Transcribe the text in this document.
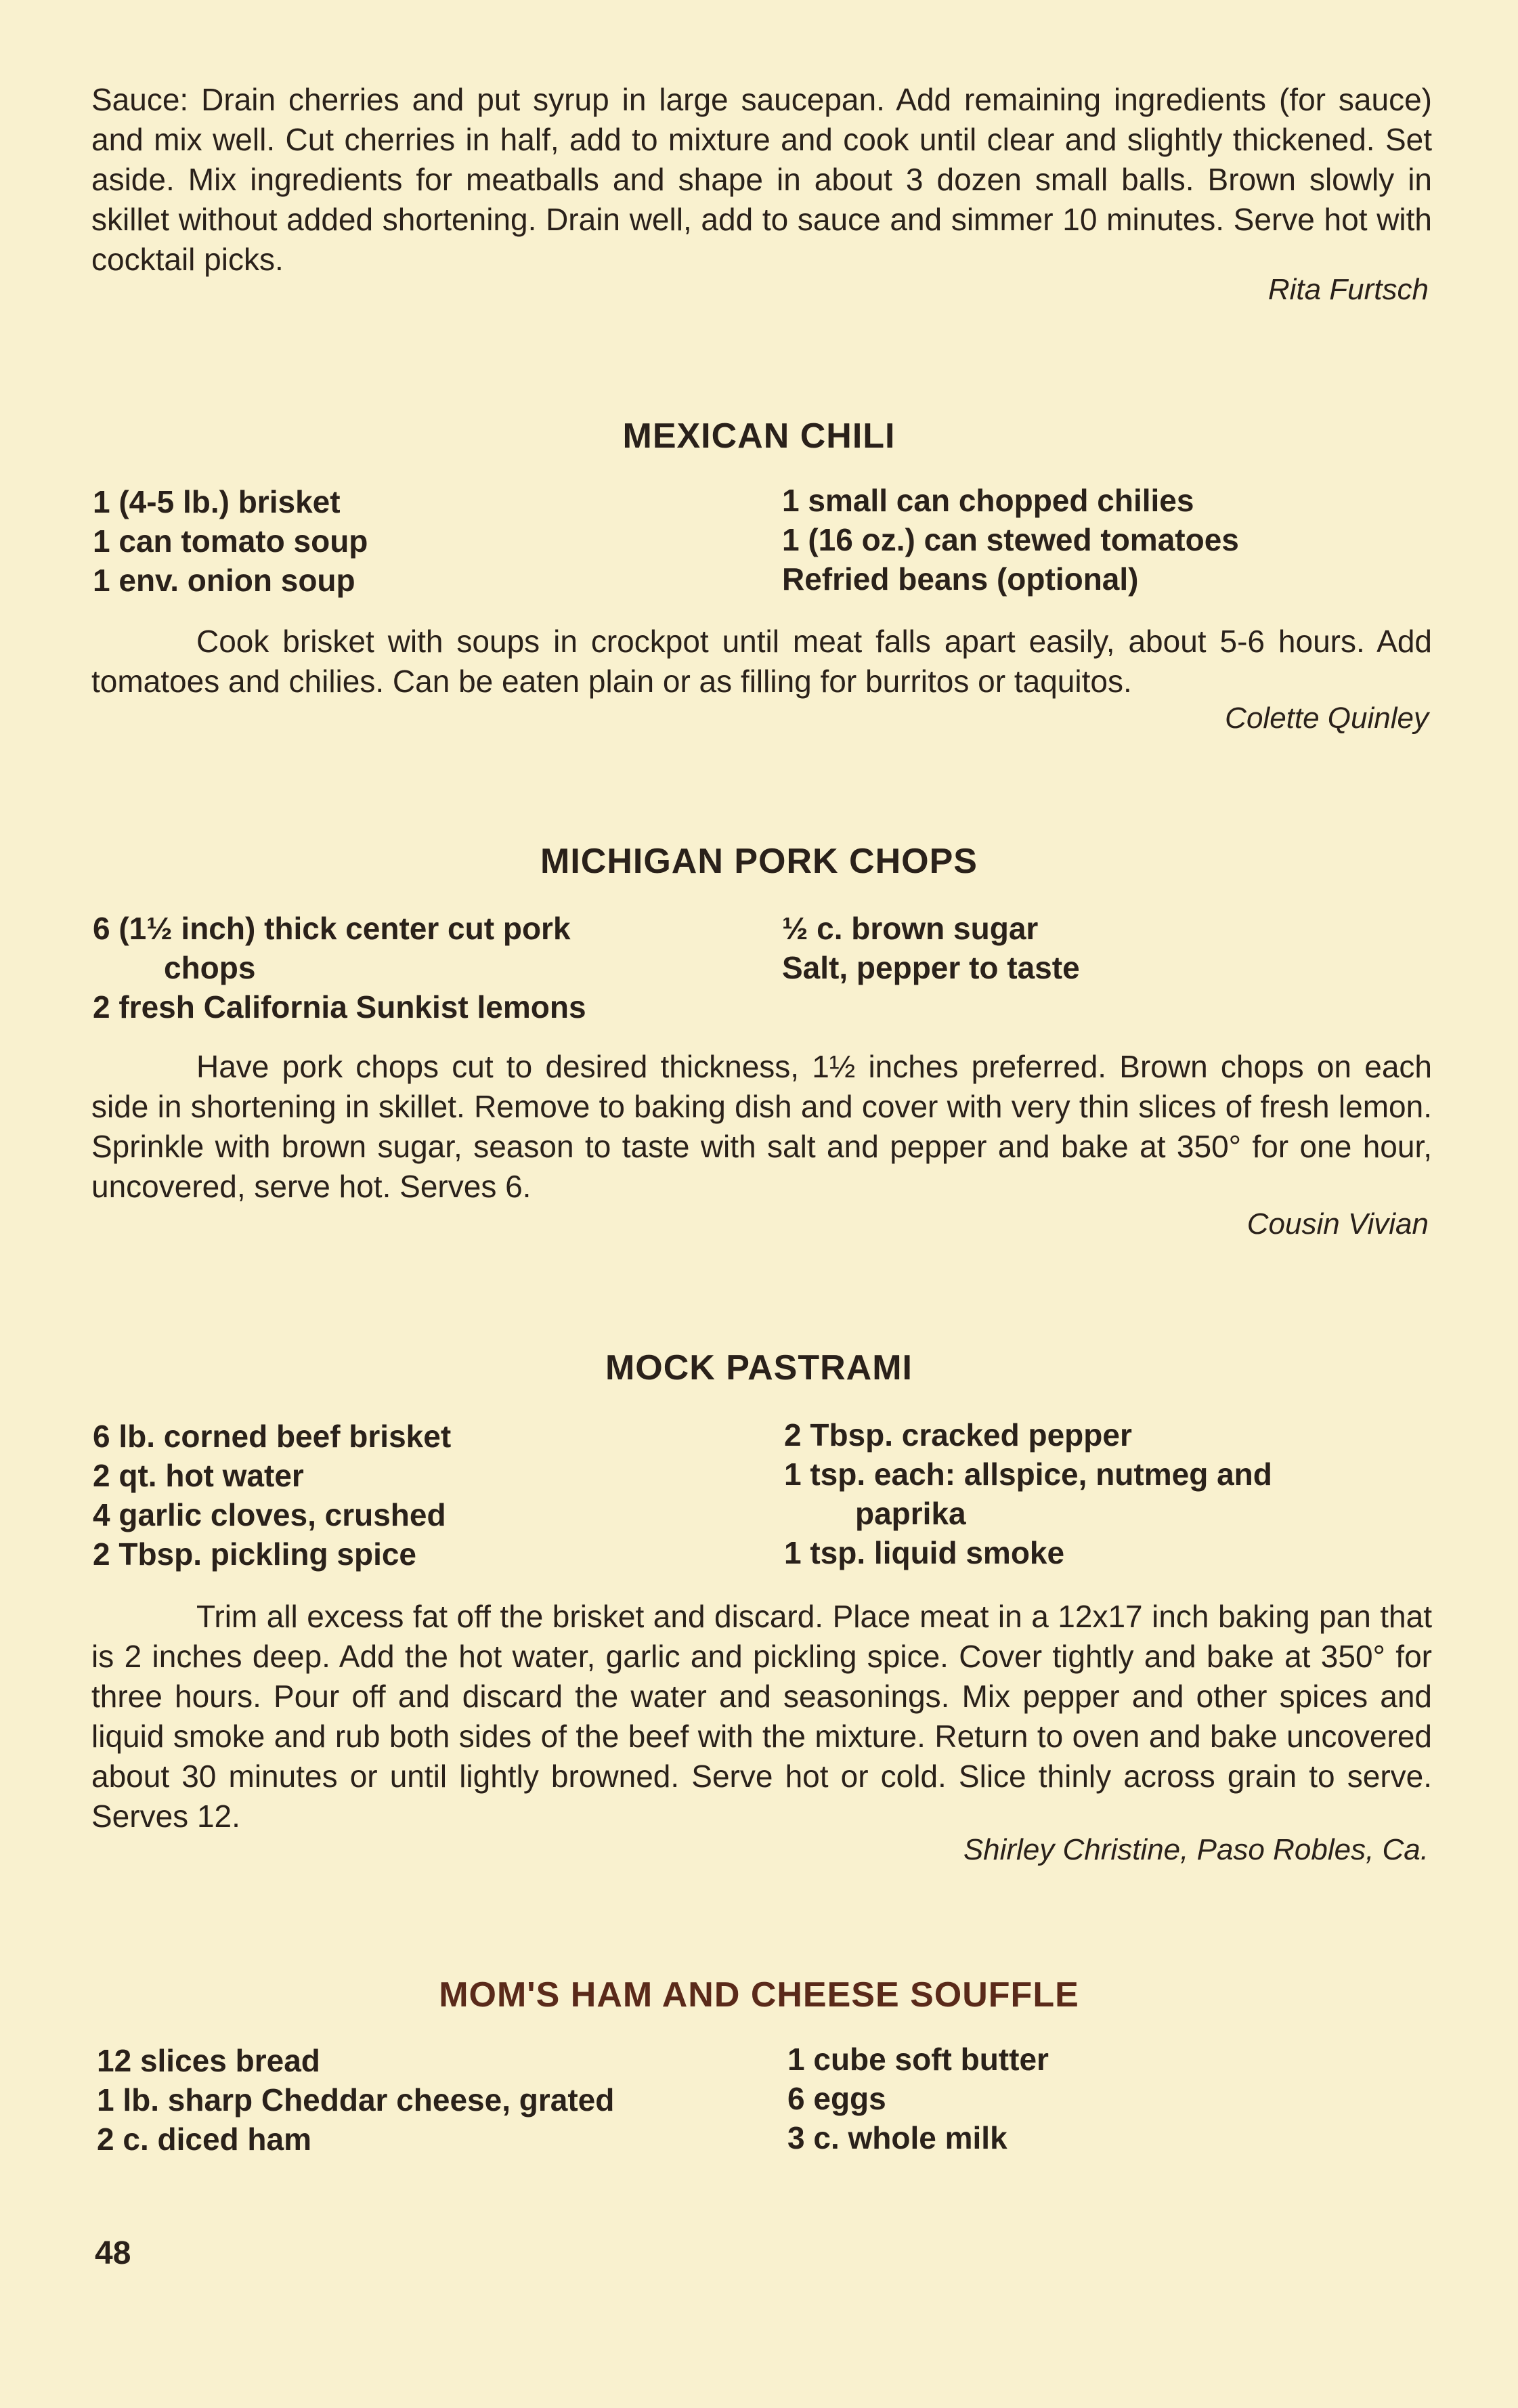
Sauce: Drain cherries and put syrup in large saucepan. Add remaining ingredients (for sauce) and mix well. Cut cherries in half, add to mixture and cook until clear and slightly thickened. Set aside. Mix ingredients for meatballs and shape in about 3 dozen small balls. Brown slowly in skillet without added shortening. Drain well, add to sauce and simmer 10 minutes. Serve hot with cocktail picks.
Rita Furtsch
MEXICAN CHILI
1 (4-5 lb.) brisket
1 can tomato soup
1 env. onion soup
1 small can chopped chilies
1 (16 oz.) can stewed tomatoes
Refried beans (optional)
Cook brisket with soups in crockpot until meat falls apart easily, about 5-6 hours. Add tomatoes and chilies. Can be eaten plain or as filling for burritos or taquitos.
Colette Quinley
MICHIGAN PORK CHOPS
6 (1½ inch) thick center cut pork
chops
2 fresh California Sunkist lemons
½ c. brown sugar
Salt, pepper to taste
Have pork chops cut to desired thickness, 1½ inches preferred. Brown chops on each side in shortening in skillet. Remove to baking dish and cover with very thin slices of fresh lemon. Sprinkle with brown sugar, season to taste with salt and pepper and bake at 350° for one hour, uncovered, serve hot. Serves 6.
Cousin Vivian
MOCK PASTRAMI
6 lb. corned beef brisket
2 qt. hot water
4 garlic cloves, crushed
2 Tbsp. pickling spice
2 Tbsp. cracked pepper
1 tsp. each: allspice, nutmeg and
paprika
1 tsp. liquid smoke
Trim all excess fat off the brisket and discard. Place meat in a 12x17 inch baking pan that is 2 inches deep. Add the hot water, garlic and pickling spice. Cover tightly and bake at 350° for three hours. Pour off and discard the water and seasonings. Mix pepper and other spices and liquid smoke and rub both sides of the beef with the mixture. Return to oven and bake uncovered about 30 minutes or until lightly browned. Serve hot or cold. Slice thinly across grain to serve. Serves 12.
Shirley Christine, Paso Robles, Ca.
MOM'S HAM AND CHEESE SOUFFLE
12 slices bread
1 lb. sharp Cheddar cheese, grated
2 c. diced ham
1 cube soft butter
6 eggs
3 c. whole milk
48
